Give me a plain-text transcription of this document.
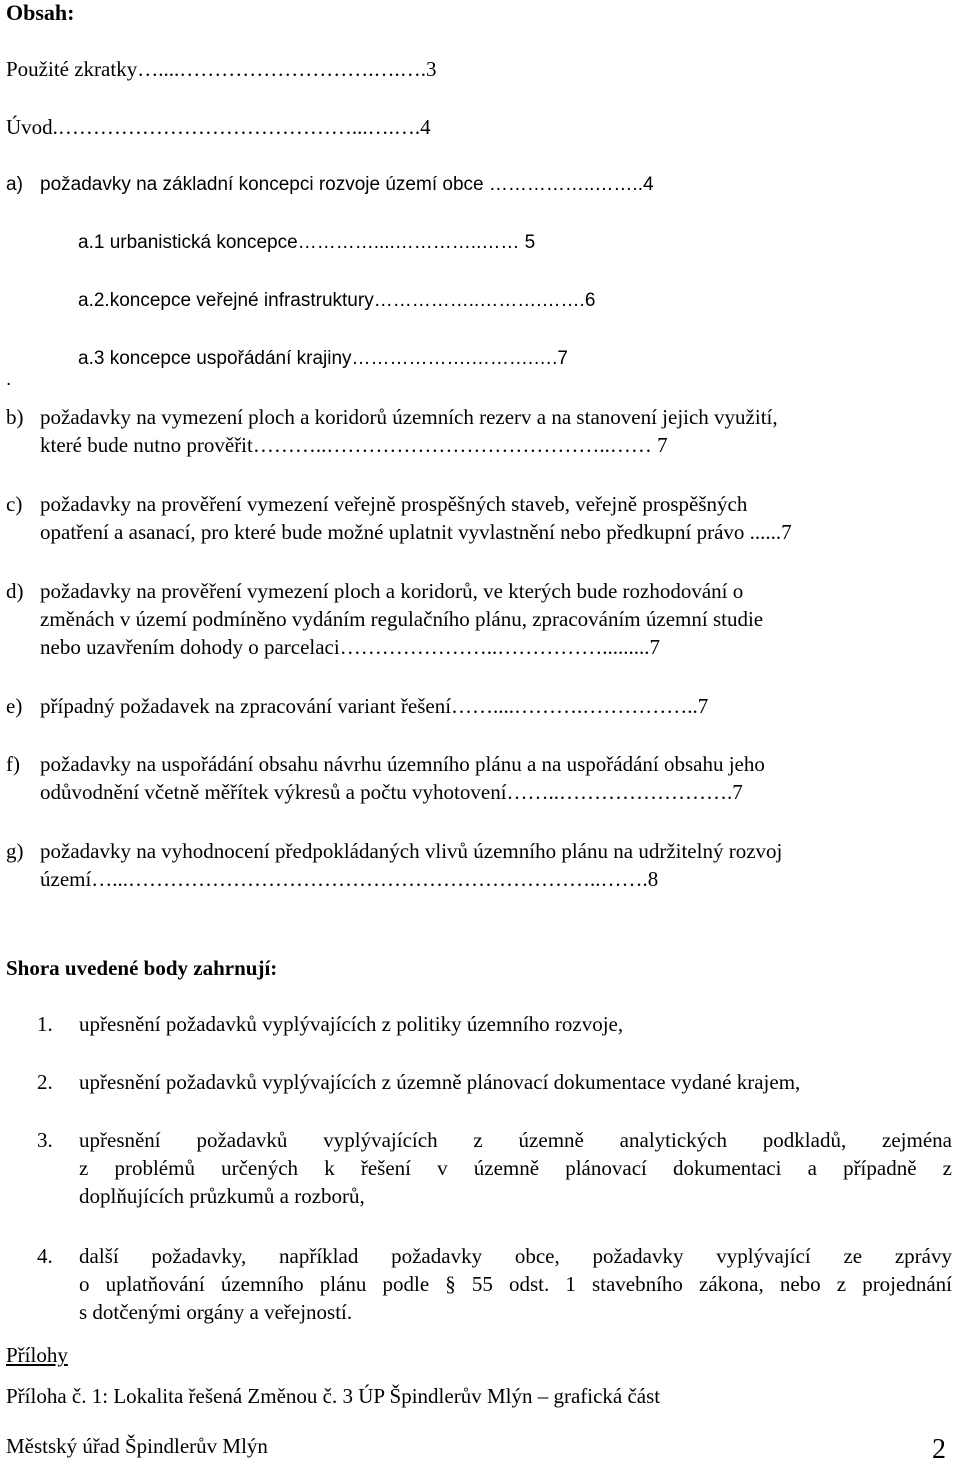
Obsah:
Použité zkratky…....……………………….….….3
Úvod.……………………………………...….….4
a) požadavky na základní koncepci rozvoje území obce ……………..……..4
a.1 urbanistická koncepce…………....…………..…… 5
a.2.koncepce veřejné infrastruktury……………..……….…….6
a.3 koncepce uspořádání krajiny……………….……….….7
.
b) požadavky na vymezení ploch a koridorů územních rezerv a na stanovení jejich využití,
které bude nutno prověřit………..…………………………………..…… 7
c) požadavky na prověření vymezení veřejně prospěšných staveb, veřejně prospěšných
opatření a asanací, pro které bude možné uplatnit vyvlastnění nebo předkupní právo ......7
d) požadavky na prověření vymezení ploch a koridorů, ve kterých bude rozhodování o
změnách v území podmíněno vydáním regulačního plánu, zpracováním územní studie
nebo uzavřením dohody o parcelaci…………………..…………….........7
e) případný požadavek na zpracování variant řešení……....……….……………..7
f) požadavky na uspořádání obsahu návrhu územního plánu a na uspořádání obsahu jeho
odůvodnění včetně měřítek výkresů a počtu vyhotovení……..…………………….7
g) požadavky na vyhodnocení předpokládaných vlivů územního plánu na udržitelný rozvoj
území…...…………………………………………………………..…….8
Shora uvedené body zahrnují:
1. upřesnění požadavků vyplývajících z politiky územního rozvoje,
2. upřesnění požadavků vyplývajících z územně plánovací dokumentace vydané krajem,
3. upřesnění požadavků vyplývajících z územně analytických podkladů, zejména
z problémů určených k řešení v územně plánovací dokumentaci a případně z
doplňujících průzkumů a rozborů,
4. další požadavky, například požadavky obce, požadavky vyplývající ze zprávy
o uplatňování územního plánu podle § 55 odst. 1 stavebního zákona, nebo z projednání
s dotčenými orgány a veřejností.
Přílohy
Příloha č. 1: Lokalita řešená Změnou č. 3 ÚP Špindlerův Mlýn – grafická část
Městský úřad Špindlerův Mlýn	2
